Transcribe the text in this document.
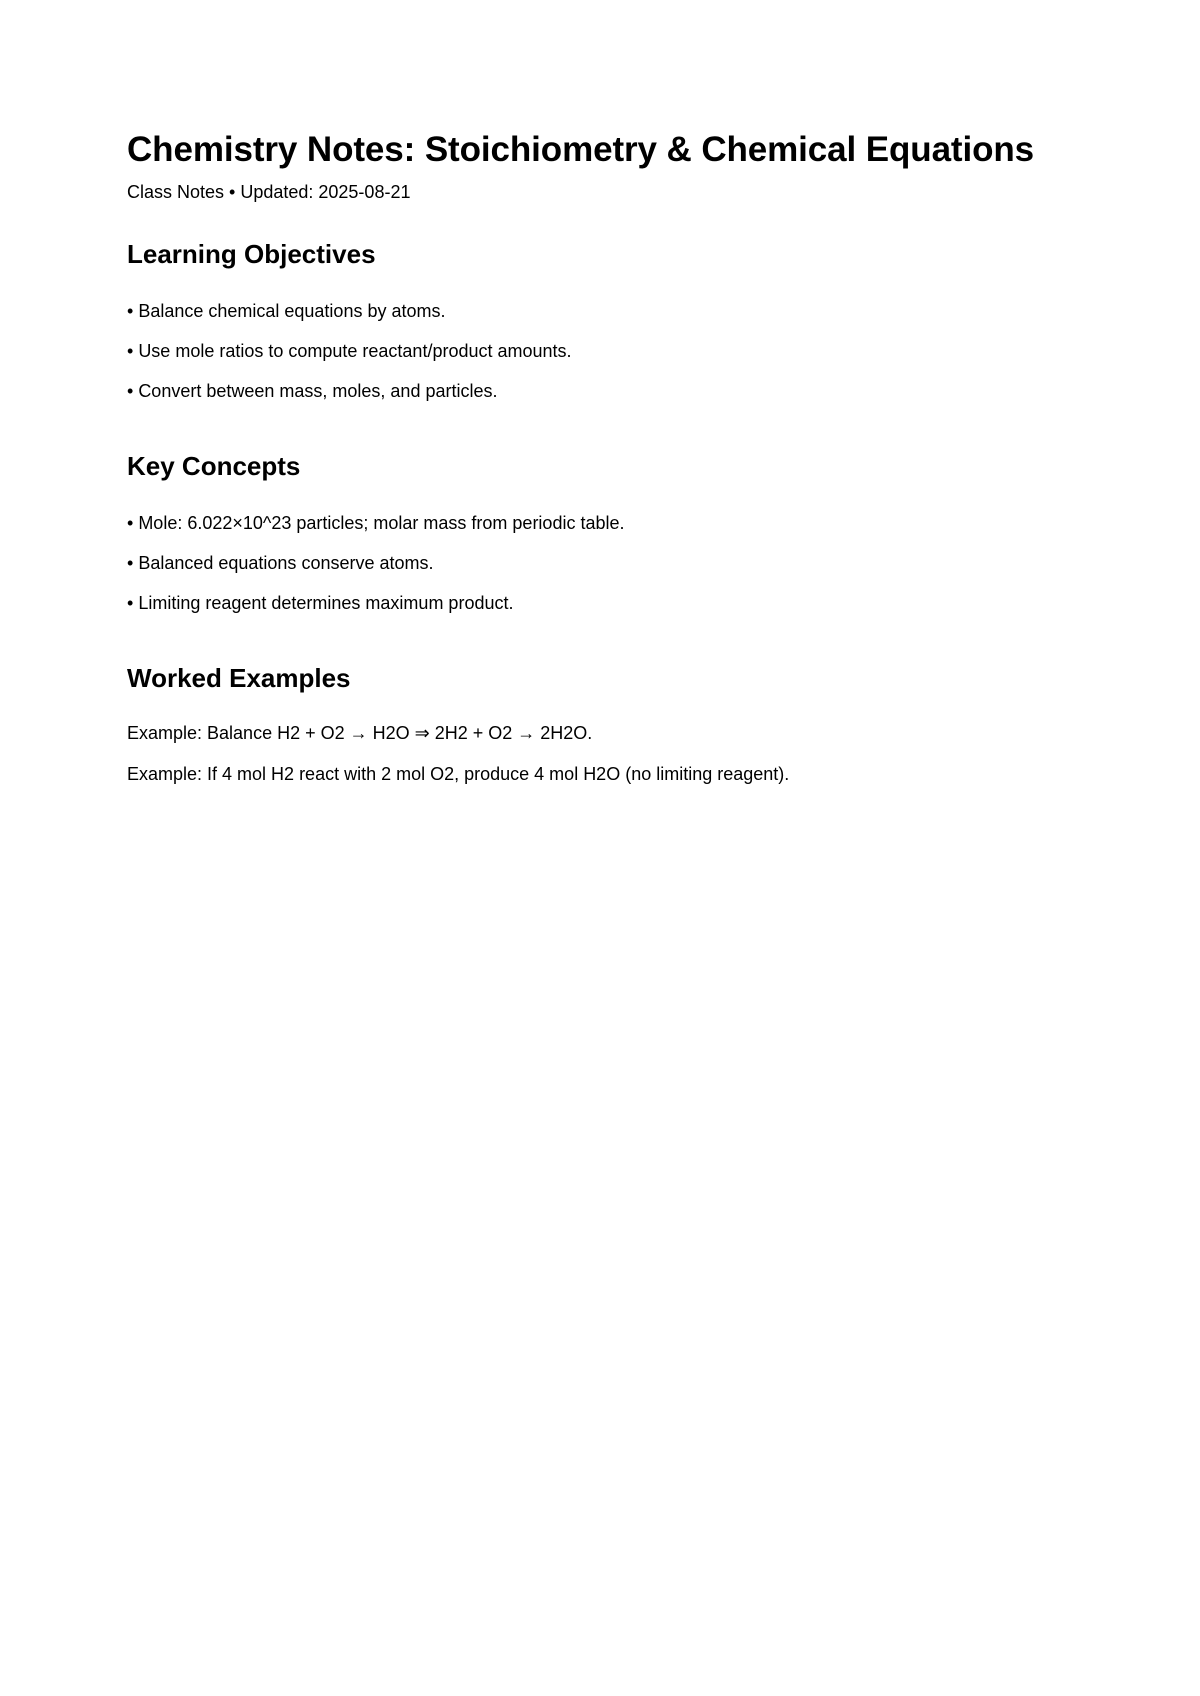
Chemistry Notes: Stoichiometry & Chemical Equations

Class Notes • Updated: 2025-08-21

Learning Objectives
• Balance chemical equations by atoms.
• Use mole ratios to compute reactant/product amounts.
• Convert between mass, moles, and particles.
Key Concepts
• Mole: 6.022×10^23 particles; molar mass from periodic table.
• Balanced equations conserve atoms.
• Limiting reagent determines maximum product.
Worked Examples

Example: Balance H2 + O2 → H2O ⇒ 2H2 + O2 → 2H2O.

Example: If 4 mol H2 react with 2 mol O2, produce 4 mol H2O (no limiting reagent).
